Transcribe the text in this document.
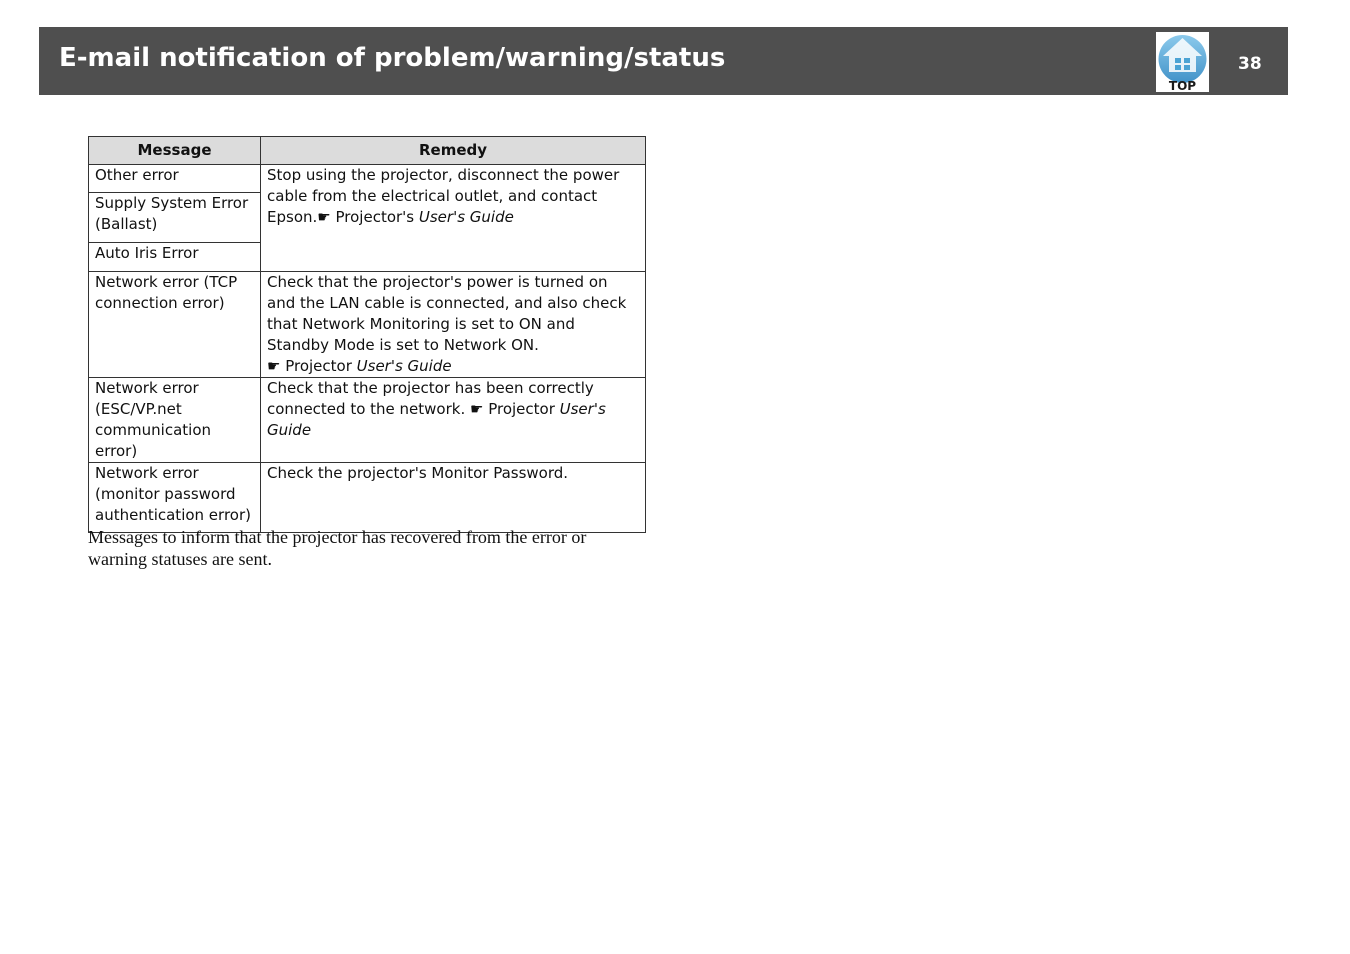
E-mail notification of problem/warning/status
TOP
38
Message	Remedy
Other error	Stop using the projector, disconnect the power cable from the electrical outlet, and contact Epson.☛ Projector's User's Guide
Supply System Error (Ballast)	
Auto Iris Error	
Network error (TCP connection error)	Check that the projector's power is turned on and the LAN cable is connected, and also check that Network Monitoring is set to ON and Standby Mode is set to Network ON. ☛ Projector User's Guide
Network error (ESC/VP.net communication error)	Check that the projector has been correctly connected to the network. ☛ Projector User's Guide
Network error (monitor password authentication error)	Check the projector's Monitor Password.
Messages to inform that the projector has recovered from the error or warning statuses are sent.
